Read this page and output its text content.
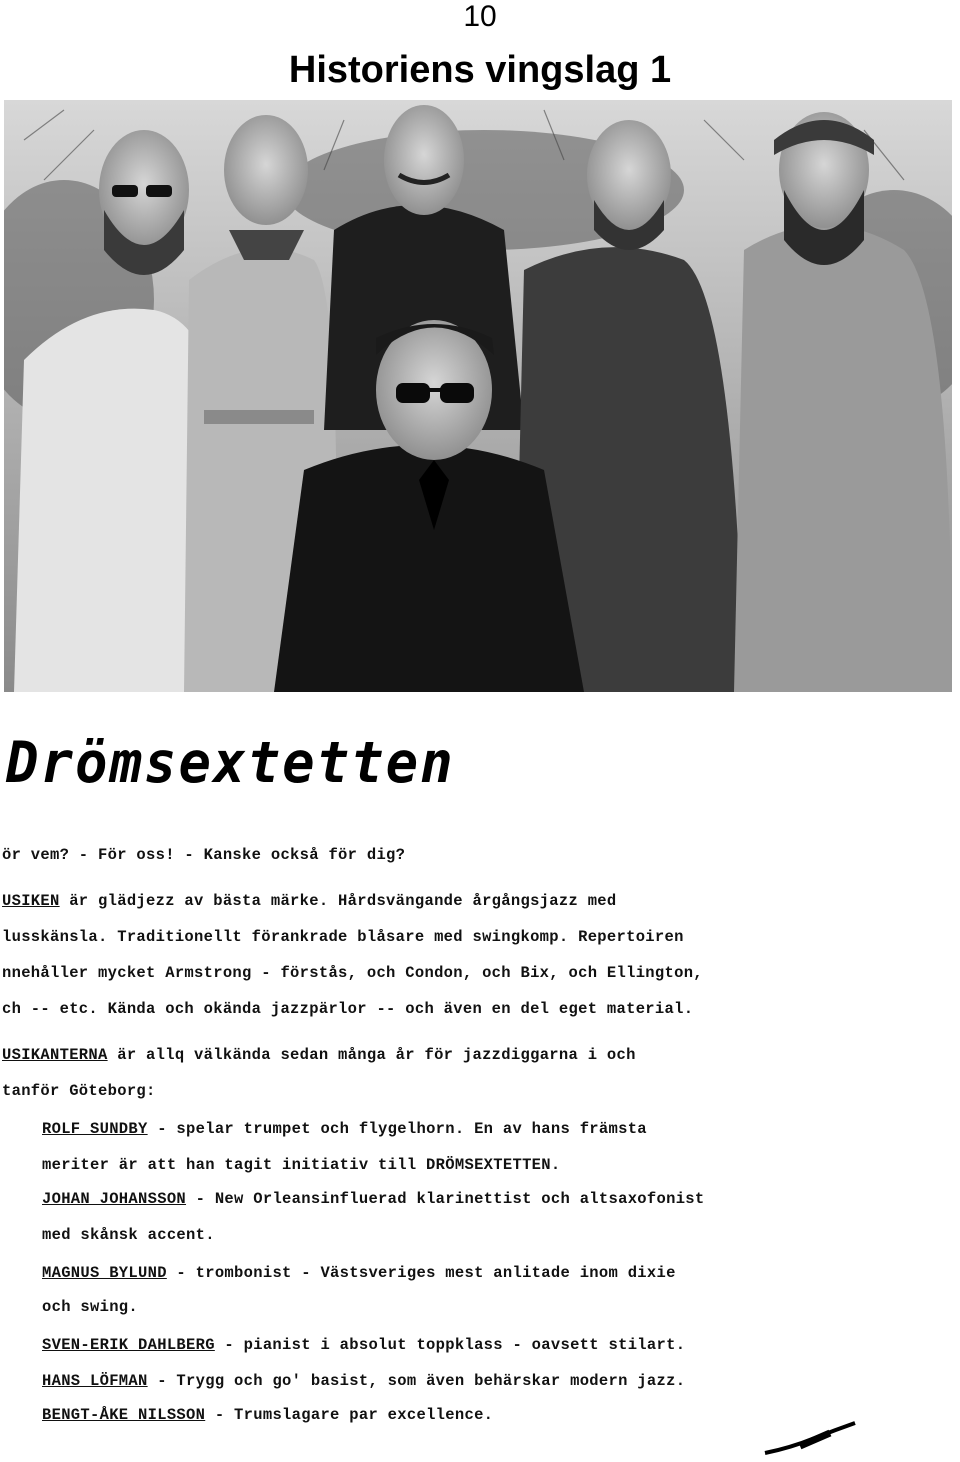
10
Historiens vingslag 1
Drömsextetten
ör vem? - För oss! - Kanske också för dig?
USIKEN är glädjezz av bästa märke. Hårdsvängande årgångsjazz med
lusskänsla. Traditionellt förankrade blåsare med swingkomp. Repertoiren
nnehåller mycket Armstrong - förstås, och Condon, och Bix, och Ellington,
ch -- etc. Kända och okända jazzpärlor -- och även en del eget material.
USIKANTERNA är allq välkända sedan många år för jazzdiggarna i och
tanför Göteborg:
ROLF SUNDBY - spelar trumpet och flygelhorn. En av hans främsta
meriter är att han tagit initiativ till DRÖMSEXTETTEN.
JOHAN JOHANSSON - New Orleansinfluerad klarinettist och altsaxofonist
med skånsk accent.
MAGNUS BYLUND - trombonist - Västsveriges mest anlitade inom dixie
och swing.
SVEN-ERIK DAHLBERG - pianist i absolut toppklass - oavsett stilart.
HANS LÖFMAN - Trygg och go' basist, som även behärskar modern jazz.
BENGT-ÅKE NILSSON - Trumslagare par excellence.
